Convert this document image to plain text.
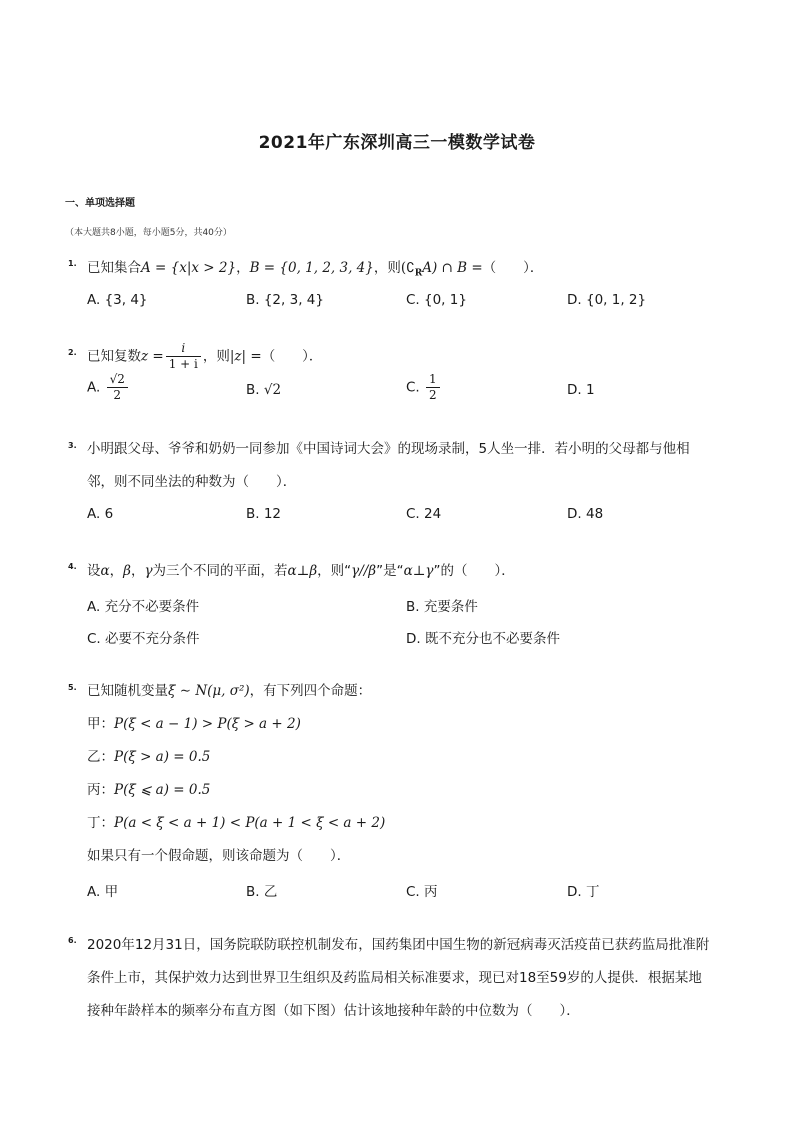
2021年广东深圳高三一模数学试卷
一、单项选择题
（本大题共8小题，每小题5分，共40分）
1. 已知集合A = {x|x > 2}，B = {0, 1, 2, 3, 4}，则$(∁_RA)$ ∩ B =（　　）．
A. {3, 4}	B. {2, 3, 4}	C. {0, 1}	D. {0, 1, 2}
2. 已知复数$z = \frac{i}{1 + i}$ ，则|z| =（　　）．
A. $\frac{√2}{2}$	B. √2	C. $\frac{1}{2}$	D. 1
3. 小明跟父母、爷爷和奶奶一同参加《中国诗词大会》的现场录制，5人坐一排．若小明的父母都与他相
邻，则不同坐法的种数为（　　）．
A. 6	B. 12	C. 24	D. 48
4. 设α，β，γ为三个不同的平面，若α⊥β，则“γ//β”是“α⊥γ”的（　　）．
A. 充分不必要条件	B. 充要条件
C. 必要不充分条件	D. 既不充分也不必要条件
5. 已知随机变量ξ ∼ N(μ, σ²)，有下列四个命题：
甲：P(ξ < a − 1) > P(ξ > a + 2)
乙：P(ξ > a) = 0.5
丙：P(ξ ⩽ a) = 0.5
丁：P(a < ξ < a + 1) < P(a + 1 < ξ < a + 2)
如果只有一个假命题，则该命题为（　　）．
A. 甲	B. 乙	C. 丙	D. 丁
6. 2020年12月31日，国务院联防联控机制发布，国药集团中国生物的新冠病毒灭活疫苗已获药监局批准附
条件上市，其保护效力达到世界卫生组织及药监局相关标准要求，现已对18至59岁的人提供．根据某地
接种年龄样本的频率分布直方图（如下图）估计该地接种年龄的中位数为（　　）．
